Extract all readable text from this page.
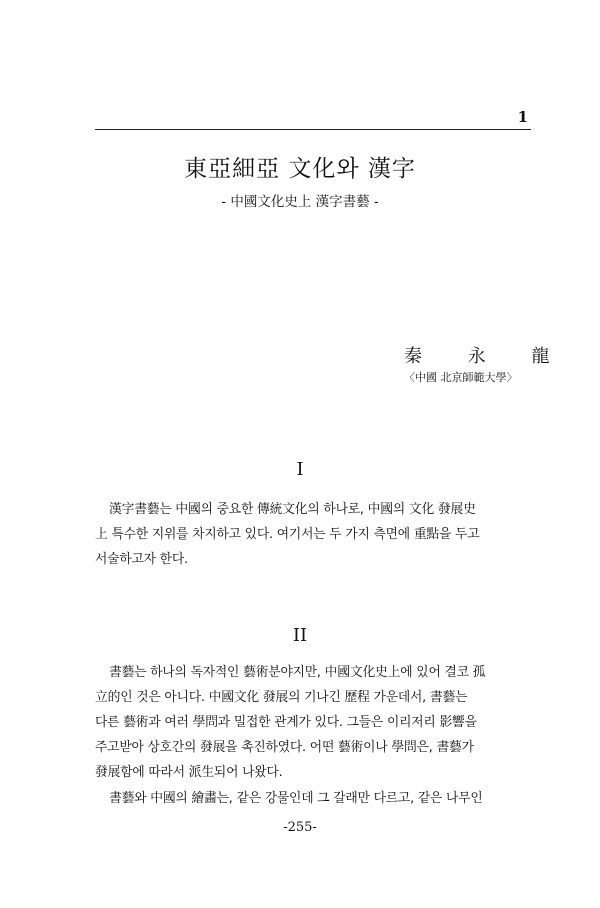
1
東亞細亞 文化와 漢字
- 中國文化史上 漢字書藝 -
秦 永 龍
〈中國 北京師範大學〉
I
漢字書藝는 中國의 중요한 傳統文化의 하나로, 中國의 文化 發展史
上 특수한 지위를 차지하고 있다. 여기서는 두 가지 측면에 重點을 두고
서술하고자 한다.
II
書藝는 하나의 독자적인 藝術분야지만, 中國文化史上에 있어 결코 孤
立的인 것은 아니다. 中國文化 發展의 기나긴 歷程 가운데서, 書藝는
다른 藝術과 여러 學問과 밀접한 관계가 있다. 그들은 이리저리 影響을
주고받아 상호간의 發展을 촉진하였다. 어떤 藝術이나 學問은, 書藝가
發展함에 따라서 派生되어 나왔다.
書藝와 中國의 繪畵는, 같은 강물인데 그 갈래만 다르고, 같은 나무인
-255-
